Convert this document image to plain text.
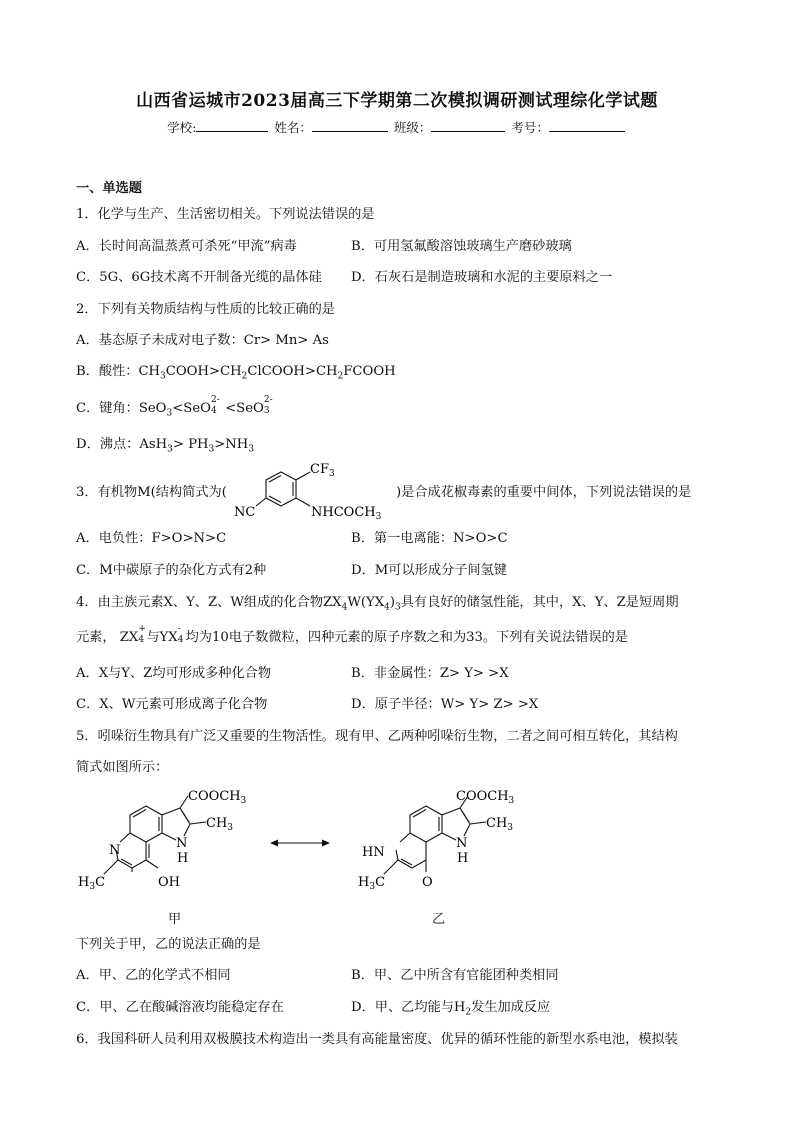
山西省运城市2023届高三下学期第二次模拟调研测试理综化学试题
学校:	姓名：	班级：	考号：
一、单选题
1．化学与生产、生活密切相关。下列说法错误的是
A．长时间高温蒸煮可杀死“甲流”病毒	B．可用氢氟酸溶蚀玻璃生产磨砂玻璃
C．5G、6G技术离不开制备光缆的晶体硅 D．石灰石是制造玻璃和水泥的主要原料之一
2．下列有关物质结构与性质的比较正确的是
A．基态原子未成对电子数：Cr> Mn> As
B．酸性：$CH_3COOH>CH_2ClCOOH>CH_2FCOOH$
C．键角：SeO$_3$<SeO
2-
4 <SeO
2-
3
D．沸点：$AsH_3> PH_3>NH_3$
3．有机物M(结构简式为(
$CF_3$
NC	$NHCOCH_3$
)是合成花椒毒素的重要中间体，下列说法错误的是
A．电负性：F>O>N>C	B．第一电离能：N>O>C
C．M中碳原子的杂化方式有2种	D．M可以形成分子间氢键
4．由主族元素X、Y、Z、W组成的化合物$ZX_4W(YX_4)_3$具有良好的储氢性能，其中，X、Y、Z是短周期
元素， ZX
+
4 与YX
-
4 均为10电子数微粒，四种元素的原子序数之和为33。下列有关说法错误的是
A．X与Y、Z均可形成多种化合物	B．非金属性：Z> Y> >X
C．X、W元素可形成离子化合物	D．原子半径：W> Y> Z> >X
5．吲哚衍生物具有广泛又重要的生物活性。现有甲、乙两种吲哚衍生物，二者之间可相互转化，其结构
简式如图所示：
$COOCH_3$
$CH_3$
N
H
N
$H_3C$	OH
$COOCH_3$
$CH_3$
N
H
HN
$H_3C$	O
甲	乙
下列关于甲，乙的说法正确的是
A．甲、乙的化学式不相同	B．甲、乙中所含有官能团种类相同
C．甲、乙在酸碱溶液均能稳定存在	D．甲、乙均能与$H_2$发生加成反应
6．我国科研人员利用双极膜技术构造出一类具有高能量密度、优异的循环性能的新型水系电池，模拟装
